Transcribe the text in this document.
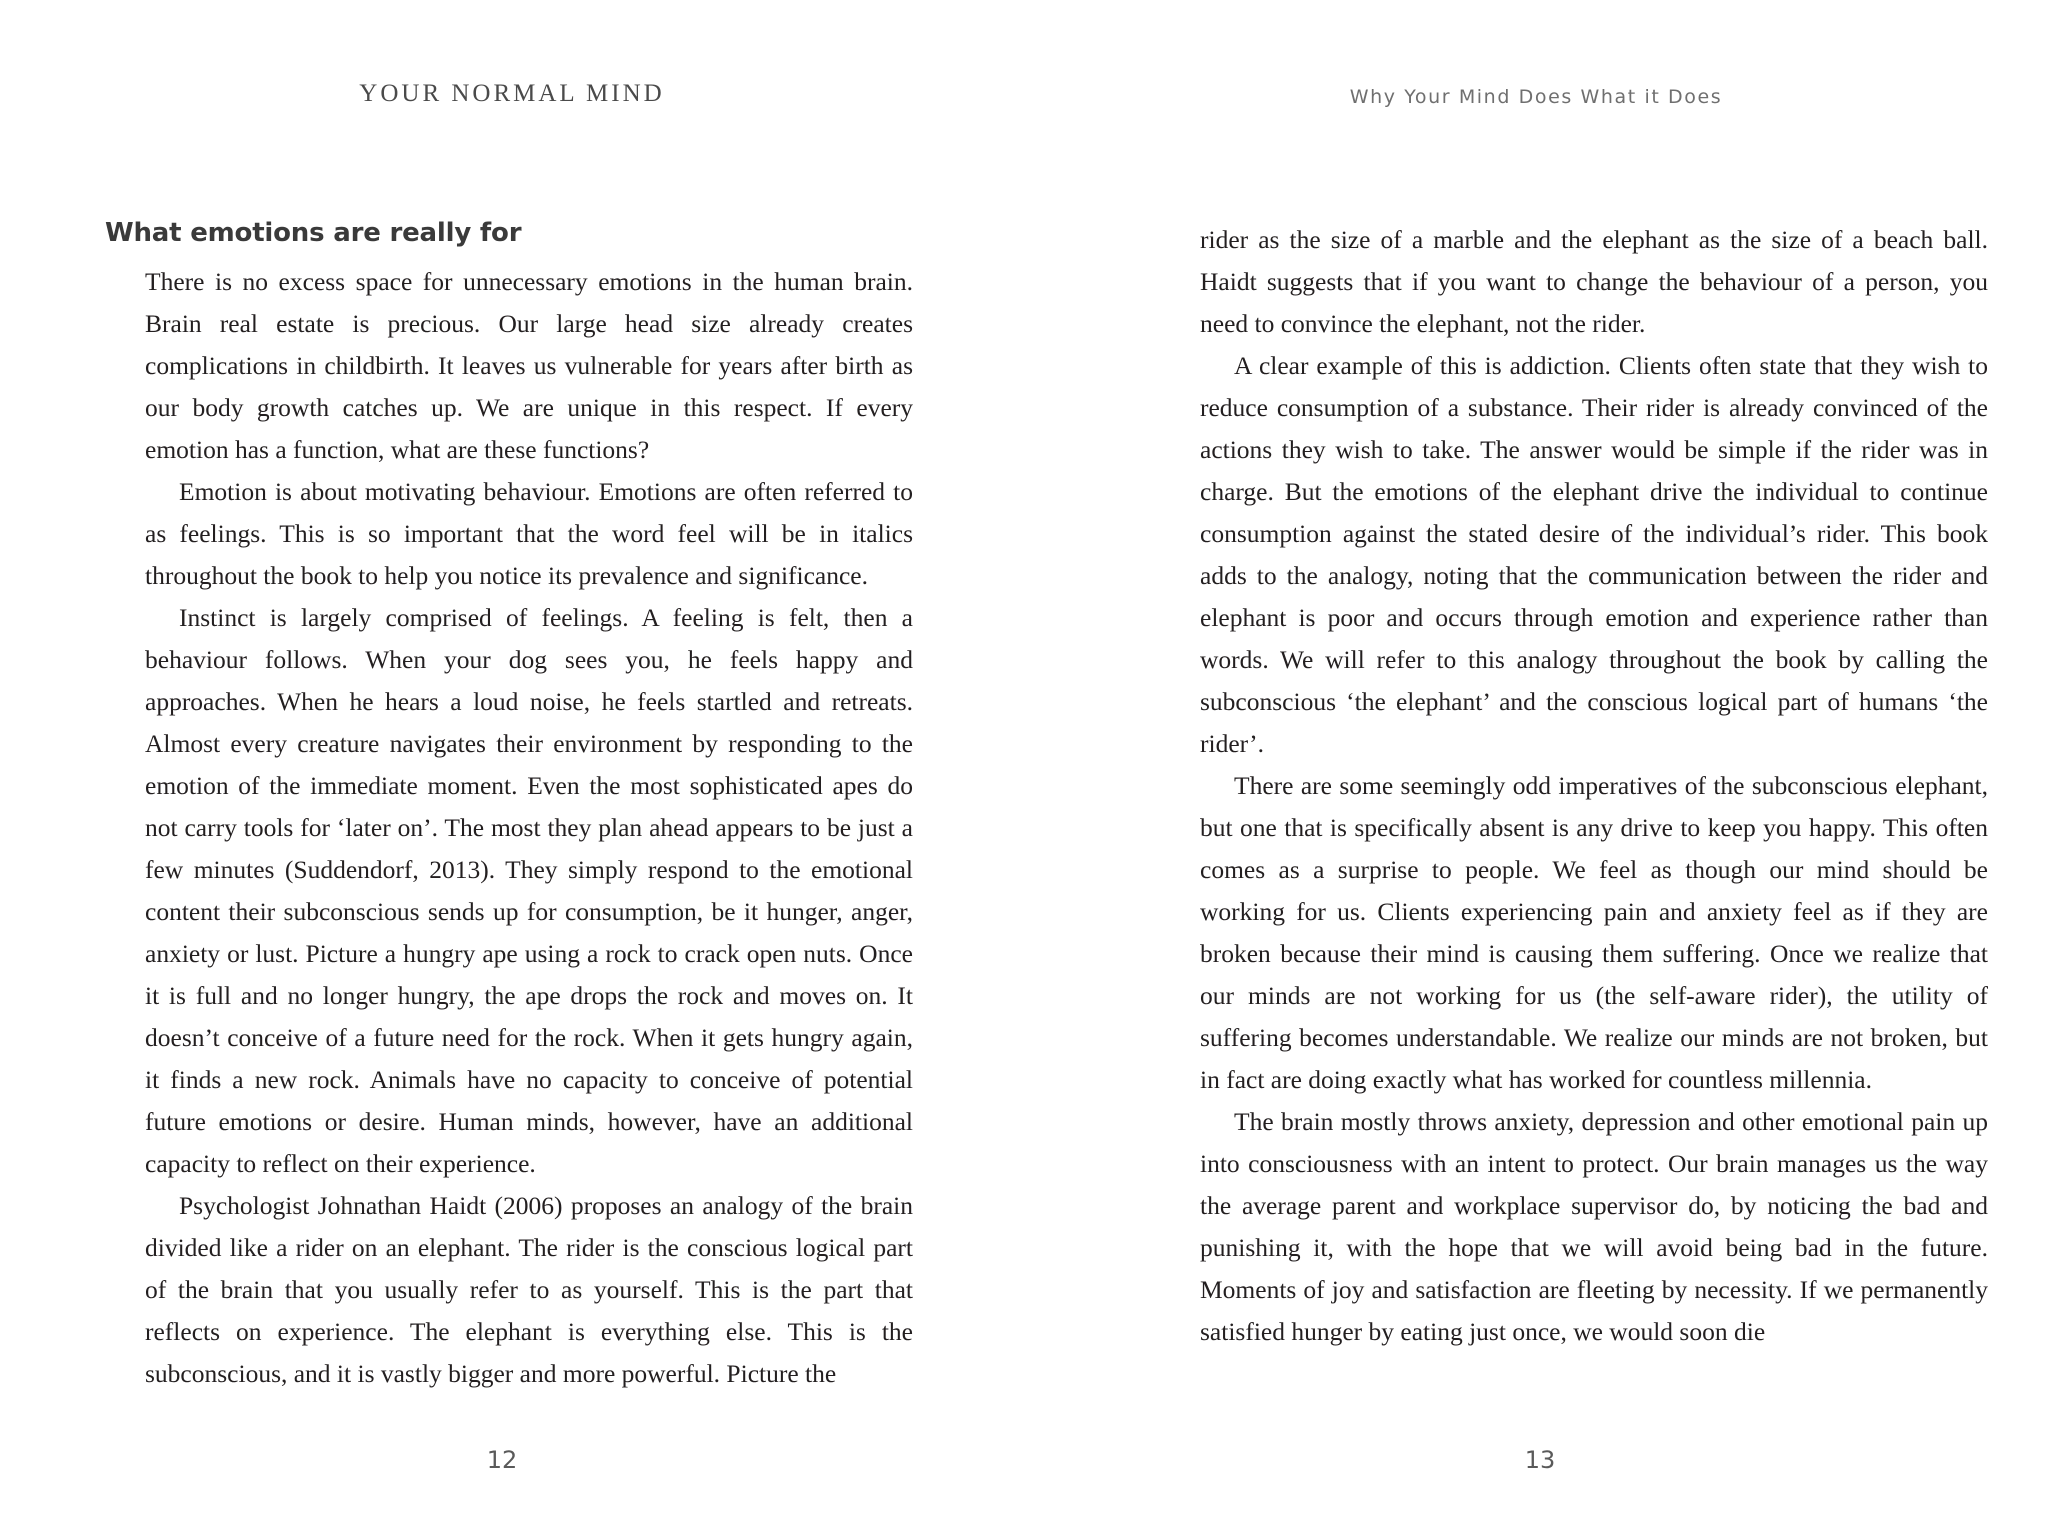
YOUR NORMAL MIND
What emotions are really for

There is no excess space for unnecessary emotions in the human brain. Brain real estate is precious. Our large head size already creates complications in childbirth. It leaves us vulnerable for years after birth as our body growth catches up. We are unique in this respect. If every emotion has a function, what are these functions?

Emotion is about motivating behaviour. Emotions are often referred to as feelings. This is so important that the word feel will be in italics throughout the book to help you notice its prevalence and significance.

Instinct is largely comprised of feelings. A feeling is felt, then a behaviour follows. When your dog sees you, he feels happy and approaches. When he hears a loud noise, he feels startled and retreats. Almost every creature navigates their environment by responding to the emotion of the immediate moment. Even the most sophisticated apes do not carry tools for ‘later on’. The most they plan ahead appears to be just a few minutes (Suddendorf, 2013). They simply respond to the emotional content their subconscious sends up for consumption, be it hunger, anger, anxiety or lust. Picture a hungry ape using a rock to crack open nuts. Once it is full and no longer hungry, the ape drops the rock and moves on. It doesn’t conceive of a future need for the rock. When it gets hungry again, it finds a new rock. Animals have no capacity to conceive of potential future emotions or desire. Human minds, however, have an additional capacity to reflect on their experience.

Psychologist Johnathan Haidt (2006) proposes an analogy of the brain divided like a rider on an elephant. The rider is the conscious logical part of the brain that you usually refer to as yourself. This is the part that reflects on experience. The elephant is everything else. This is the subconscious, and it is vastly bigger and more powerful. Picture the

12
Why Your Mind Does What it Does

rider as the size of a marble and the elephant as the size of a beach ball. Haidt suggests that if you want to change the behaviour of a person, you need to convince the elephant, not the rider.

A clear example of this is addiction. Clients often state that they wish to reduce consumption of a substance. Their rider is already convinced of the actions they wish to take. The answer would be simple if the rider was in charge. But the emotions of the elephant drive the individual to continue consumption against the stated desire of the individual’s rider. This book adds to the analogy, noting that the communication between the rider and elephant is poor and occurs through emotion and experience rather than words. We will refer to this analogy throughout the book by calling the subconscious ‘the elephant’ and the conscious logical part of humans ‘the rider’.

There are some seemingly odd imperatives of the subconscious elephant, but one that is specifically absent is any drive to keep you happy. This often comes as a surprise to people. We feel as though our mind should be working for us. Clients experiencing pain and anxiety feel as if they are broken because their mind is causing them suffering. Once we realize that our minds are not working for us (the self-aware rider), the utility of suffering becomes understandable. We realize our minds are not broken, but in fact are doing exactly what has worked for countless millennia.

The brain mostly throws anxiety, depression and other emotional pain up into consciousness with an intent to protect. Our brain manages us the way the average parent and workplace supervisor do, by noticing the bad and punishing it, with the hope that we will avoid being bad in the future. Moments of joy and satisfaction are fleeting by necessity. If we permanently satisfied hunger by eating just once, we would soon die

13
